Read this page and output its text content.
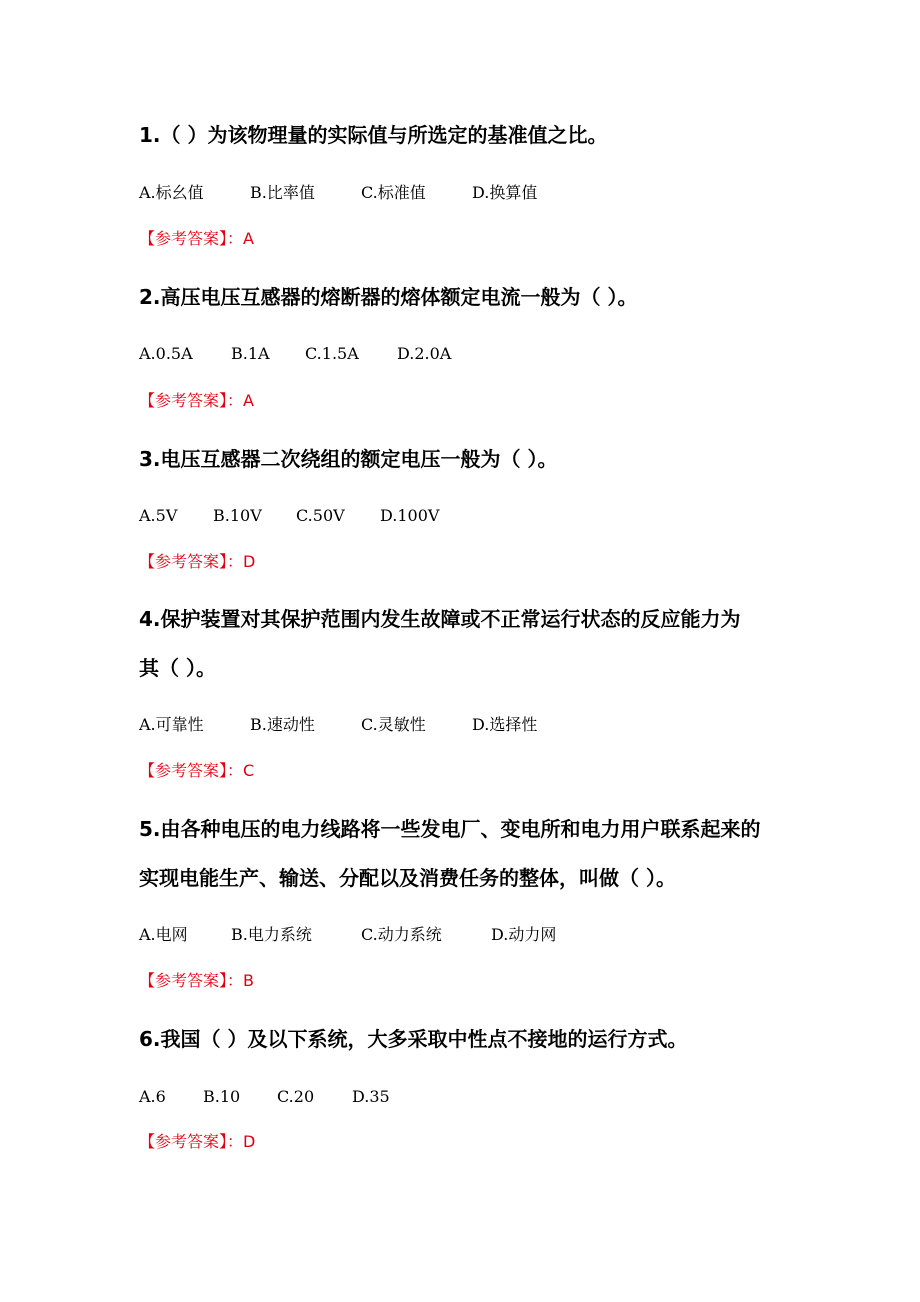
1.（ ）为该物理量的实际值与所选定的基准值之比。
A.标幺值	B.比率值	C.标准值	D.换算值
【参考答案】：A
2.高压电压互感器的熔断器的熔体额定电流一般为（ ）。
A.0.5A B.1A C.1.5A D.2.0A
【参考答案】：A
3.电压互感器二次绕组的额定电压一般为（ ）。
A.5V B.10V C.50V D.100V
【参考答案】：D
4.保护装置对其保护范围内发生故障或不正常运行状态的反应能力为
其（ ）。
A.可靠性	B.速动性	C.灵敏性	D.选择性
【参考答案】：C
5.由各种电压的电力线路将一些发电厂、变电所和电力用户联系起来的
实现电能生产、输送、分配以及消费任务的整体，叫做（ ）。
A.电网	B.电力系统	C.动力系统	D.动力网
【参考答案】：B
6.我国（ ）及以下系统，大多采取中性点不接地的运行方式。
A.6 B.10 C.20 D.35
【参考答案】：D
